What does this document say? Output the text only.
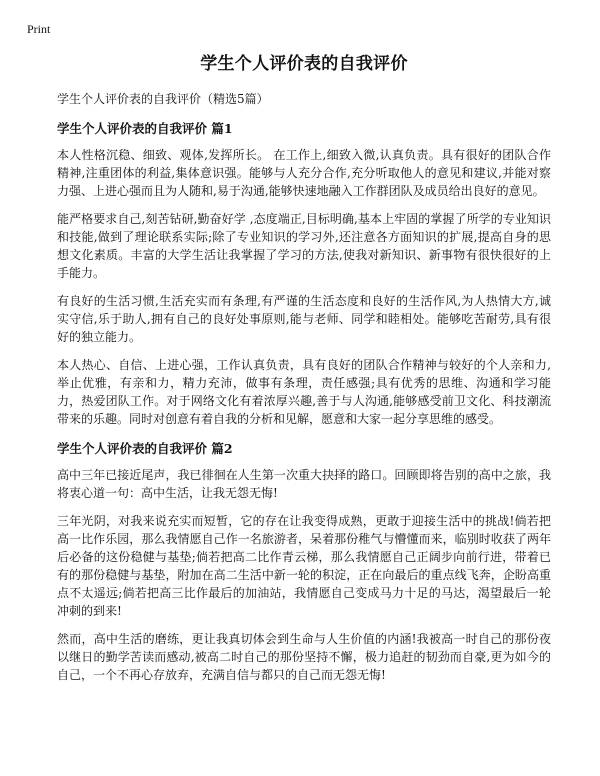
Print
学生个人评价表的自我评价

学生个人评价表的自我评价（精选5篇）

学生个人评价表的自我评价 篇1

本人性格沉稳、细致、观体,发挥所长。 在工作上,细致入微,认真负责。具有很好的团队合作精神,注重团体的利益,集体意识强。能够与人充分合作,充分听取他人的意见和建议,并能对察力强、上进心强而且为人随和,易于沟通,能够快速地融入工作群团队及成员给出良好的意见。

能严格要求自己,刻苦钻研,勤奋好学 ,态度端正,目标明确,基本上牢固的掌握了所学的专业知识和技能,做到了理论联系实际;除了专业知识的学习外,还注意各方面知识的扩展,提高自身的思想文化素质。丰富的大学生活让我掌握了学习的方法,使我对新知识、新事物有很快很好的上手能力。

有良好的生活习惯,生活充实而有条理,有严谨的生活态度和良好的生活作风,为人热情大方,诚实守信,乐于助人,拥有自己的良好处事原则,能与老师、同学和睦相处。能够吃苦耐劳,具有很好的独立能力。

本人热心、自信、上进心强，工作认真负责，具有良好的团队合作精神与较好的个人亲和力,举止优雅，有亲和力，精力充沛，做事有条理，责任感强;具有优秀的思维、沟通和学习能力，热爱团队工作。对于网络文化有着浓厚兴趣,善于与人沟通,能够感受前卫文化、科技潮流带来的乐趣。同时对创意有着自我的分析和见解，愿意和大家一起分享思维的感受。

学生个人评价表的自我评价 篇2

高中三年已接近尾声，我已徘徊在人生第一次重大抉择的路口。回顾即将告别的高中之旅，我将衷心道一句：高中生活，让我无怨无悔!

三年光阴，对我来说充实而短暂，它的存在让我变得成熟，更敢于迎接生活中的挑战!倘若把高一比作乐园，那么我情愿自己作一名旅游者，呆着那份稚气与懵懂而来，临别时收获了两年后必备的这份稳健与基垫;倘若把高二比作青云梯，那么我情愿自己正阔步向前行进，带着已有的那份稳健与基垫，附加在高二生活中新一轮的积淀，正在向最后的重点线飞奔，企盼高重点不太遥远;倘若把高三比作最后的加油站，我情愿自己变成马力十足的马达，渴望最后一轮冲刺的到来!

然而，高中生活的磨练，更让我真切体会到生命与人生价值的内涵!我被高一时自己的那份夜以继日的勤学苦读而感动,被高二时自己的那份坚持不懈，极力追赶的韧劲而自豪,更为如今的自己，一个不再心存放弃，充满自信与都只的自己而无怨无悔!
